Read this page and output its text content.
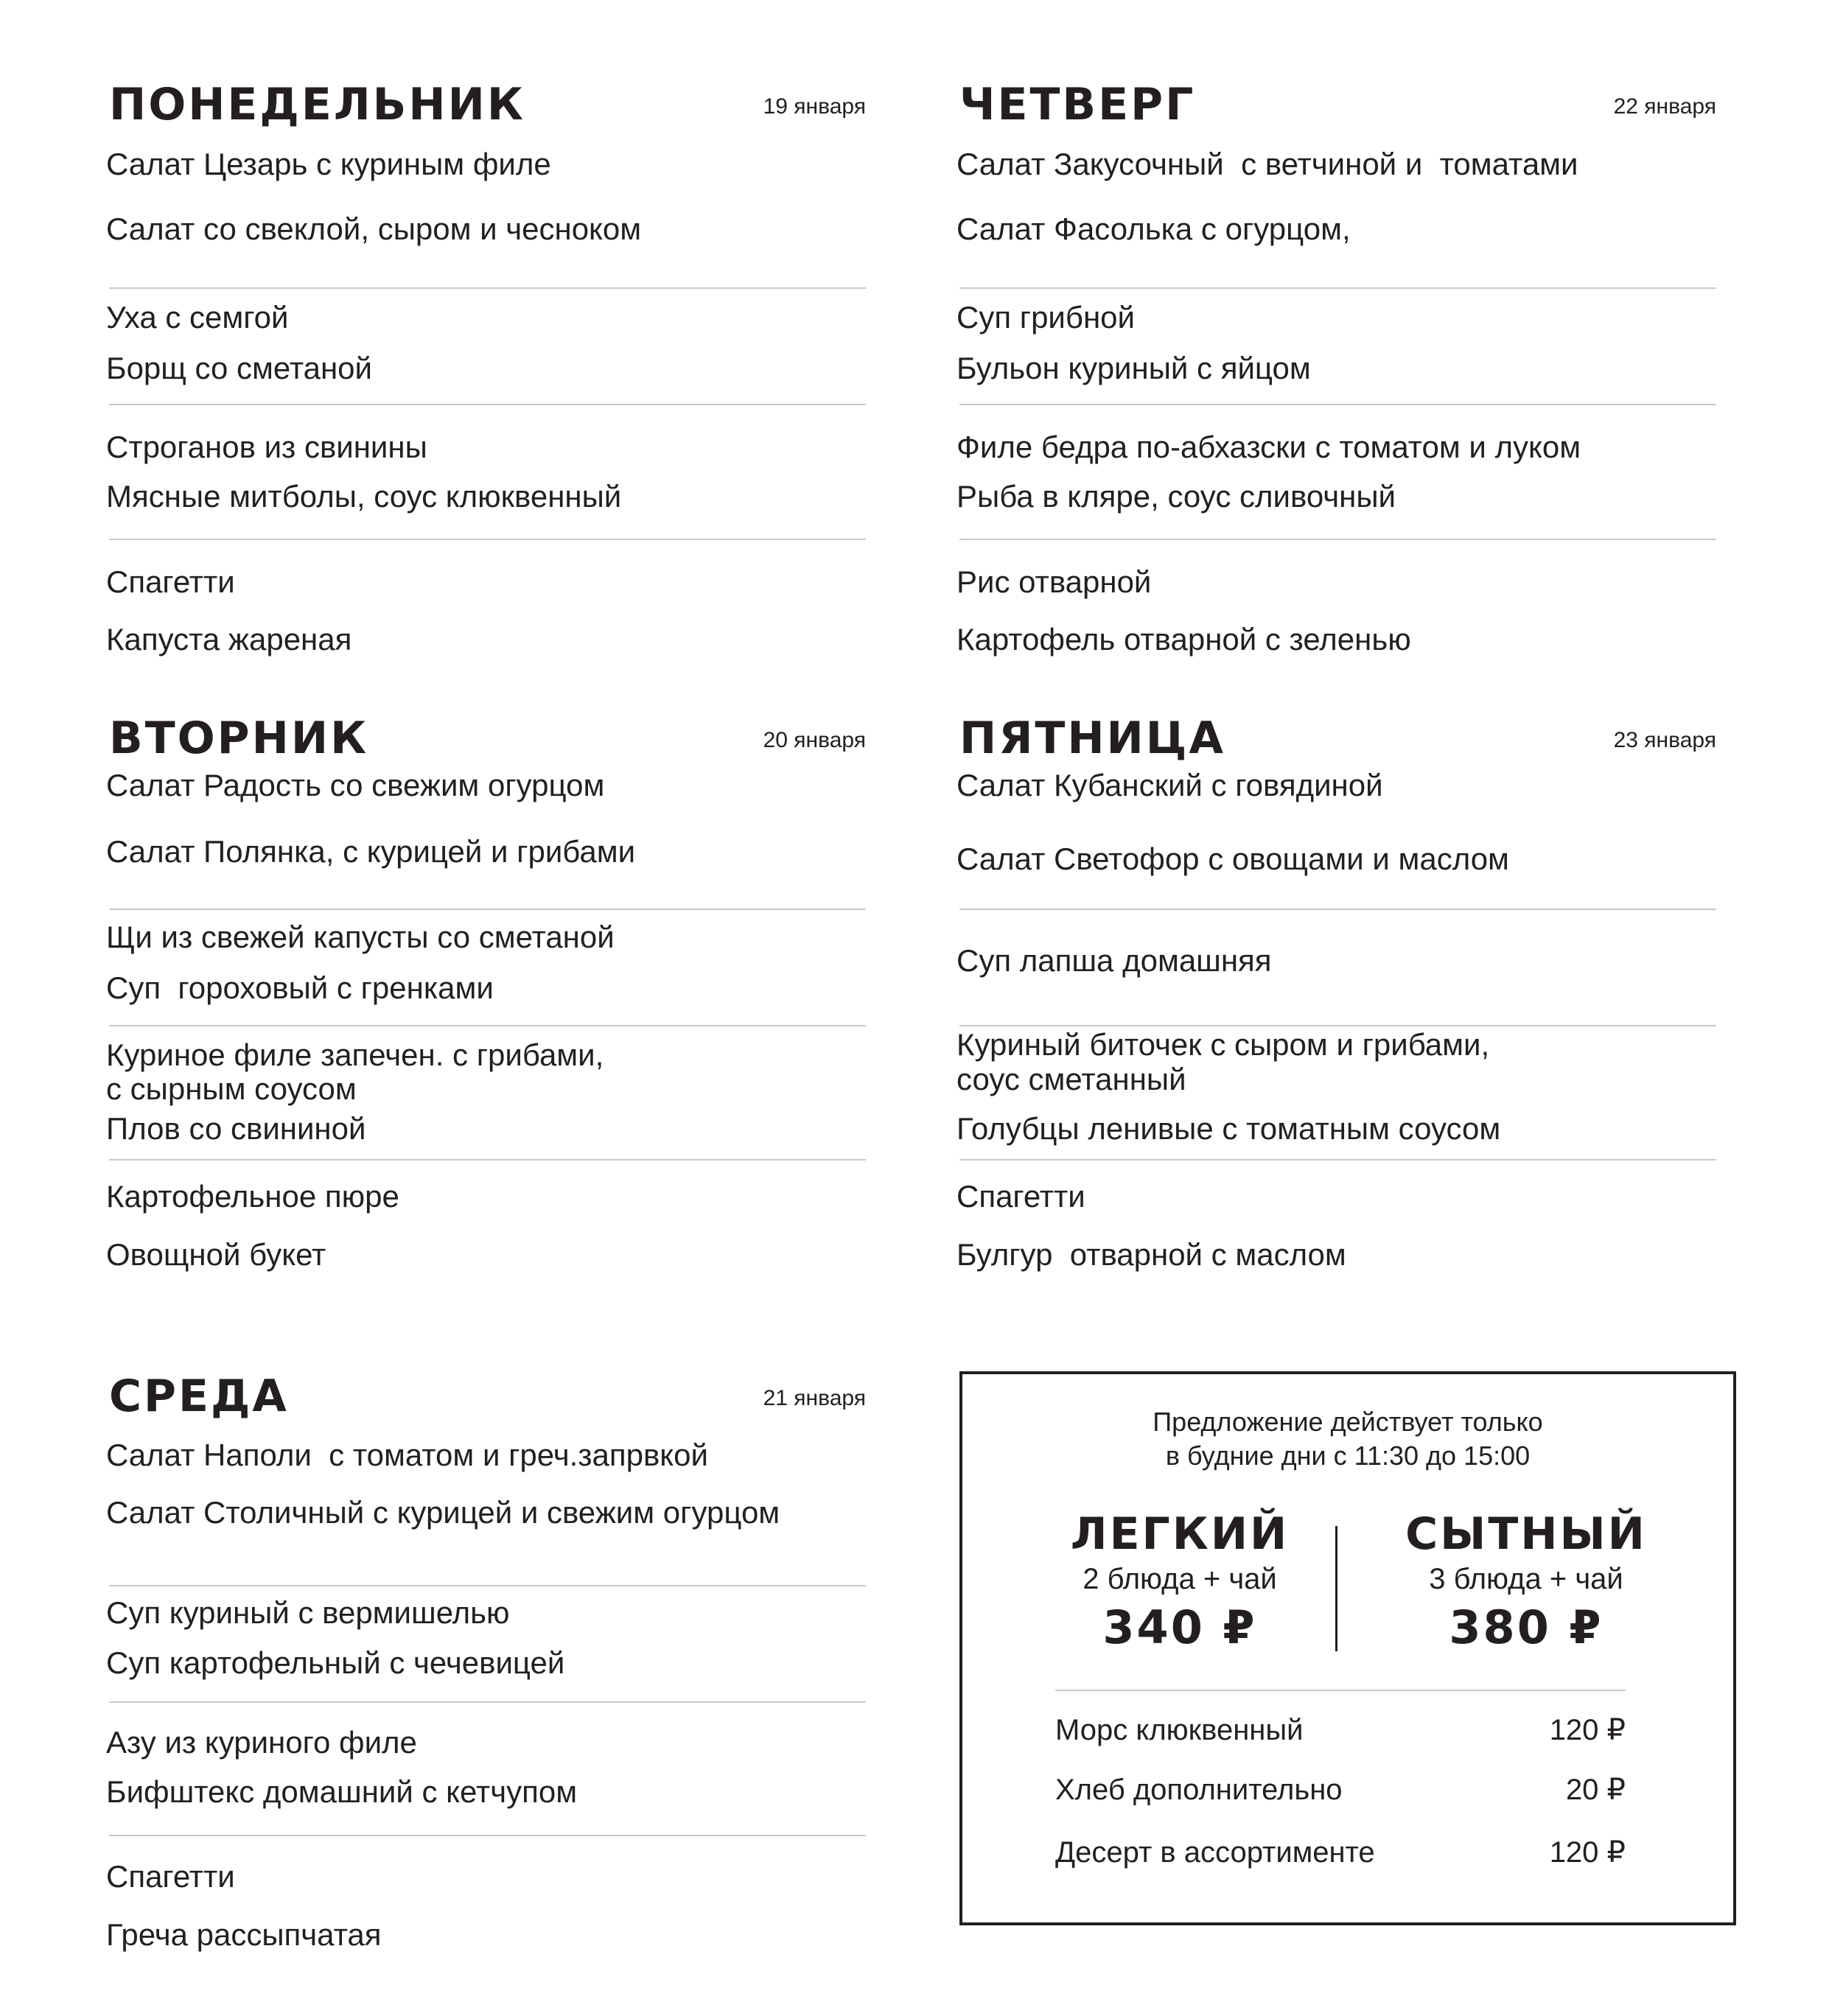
ПОНЕДЕЛЬНИК	19 января
Салат Цезарь с куриным филе
Салат со свеклой, сыром и чесноком
Уха с семгой
Борщ со сметаной
Строганов из свинины
Мясные митболы, соус клюквенный
Спагетти
Капуста жареная
ВТОРНИК	20 января
Салат Радость со свежим огурцом
Салат Полянка, с курицей и грибами
Щи из свежей капусты со сметаной
Суп  гороховый с гренками
Куриное филе запечен. с грибами,
с сырным соусом
Плов со свининой
Картофельное пюре
Овощной букет
СРЕДА	21 января
Салат Наполи  с томатом и греч.запрвкой
Салат Столичный с курицей и свежим огурцом
Суп куриный с вермишелью
Суп картофельный с чечевицей
Азу из куриного филе
Бифштекс домашний с кетчупом
Спагетти
Греча рассыпчатая
ЧЕТВЕРГ	22 января
Салат Закусочный  с ветчиной и  томатами
Салат Фасолька с огурцом,
Суп грибной
Бульон куриный с яйцом
Филе бедра по-абхазски с томатом и луком
Рыба в кляре, соус сливочный
Рис отварной
Картофель отварной с зеленью
ПЯТНИЦА	23 января
Салат Кубанский с говядиной
Салат Светофор с овощами и маслом
Суп лапша домашняя
Куриный биточек с сыром и грибами,
соус сметанный
Голубцы ленивые с томатным соусом
Спагетти
Булгур  отварной с маслом
Предложение действует только
в будние дни с 11:30 до 15:00
ЛЕГКИЙ
2 блюда + чай
340 ₽
СЫТНЫЙ
3 блюда + чай
380 ₽
Морс клюквенный	120 ₽
Хлеб дополнительно	20 ₽
Десерт в ассортименте	120 ₽
